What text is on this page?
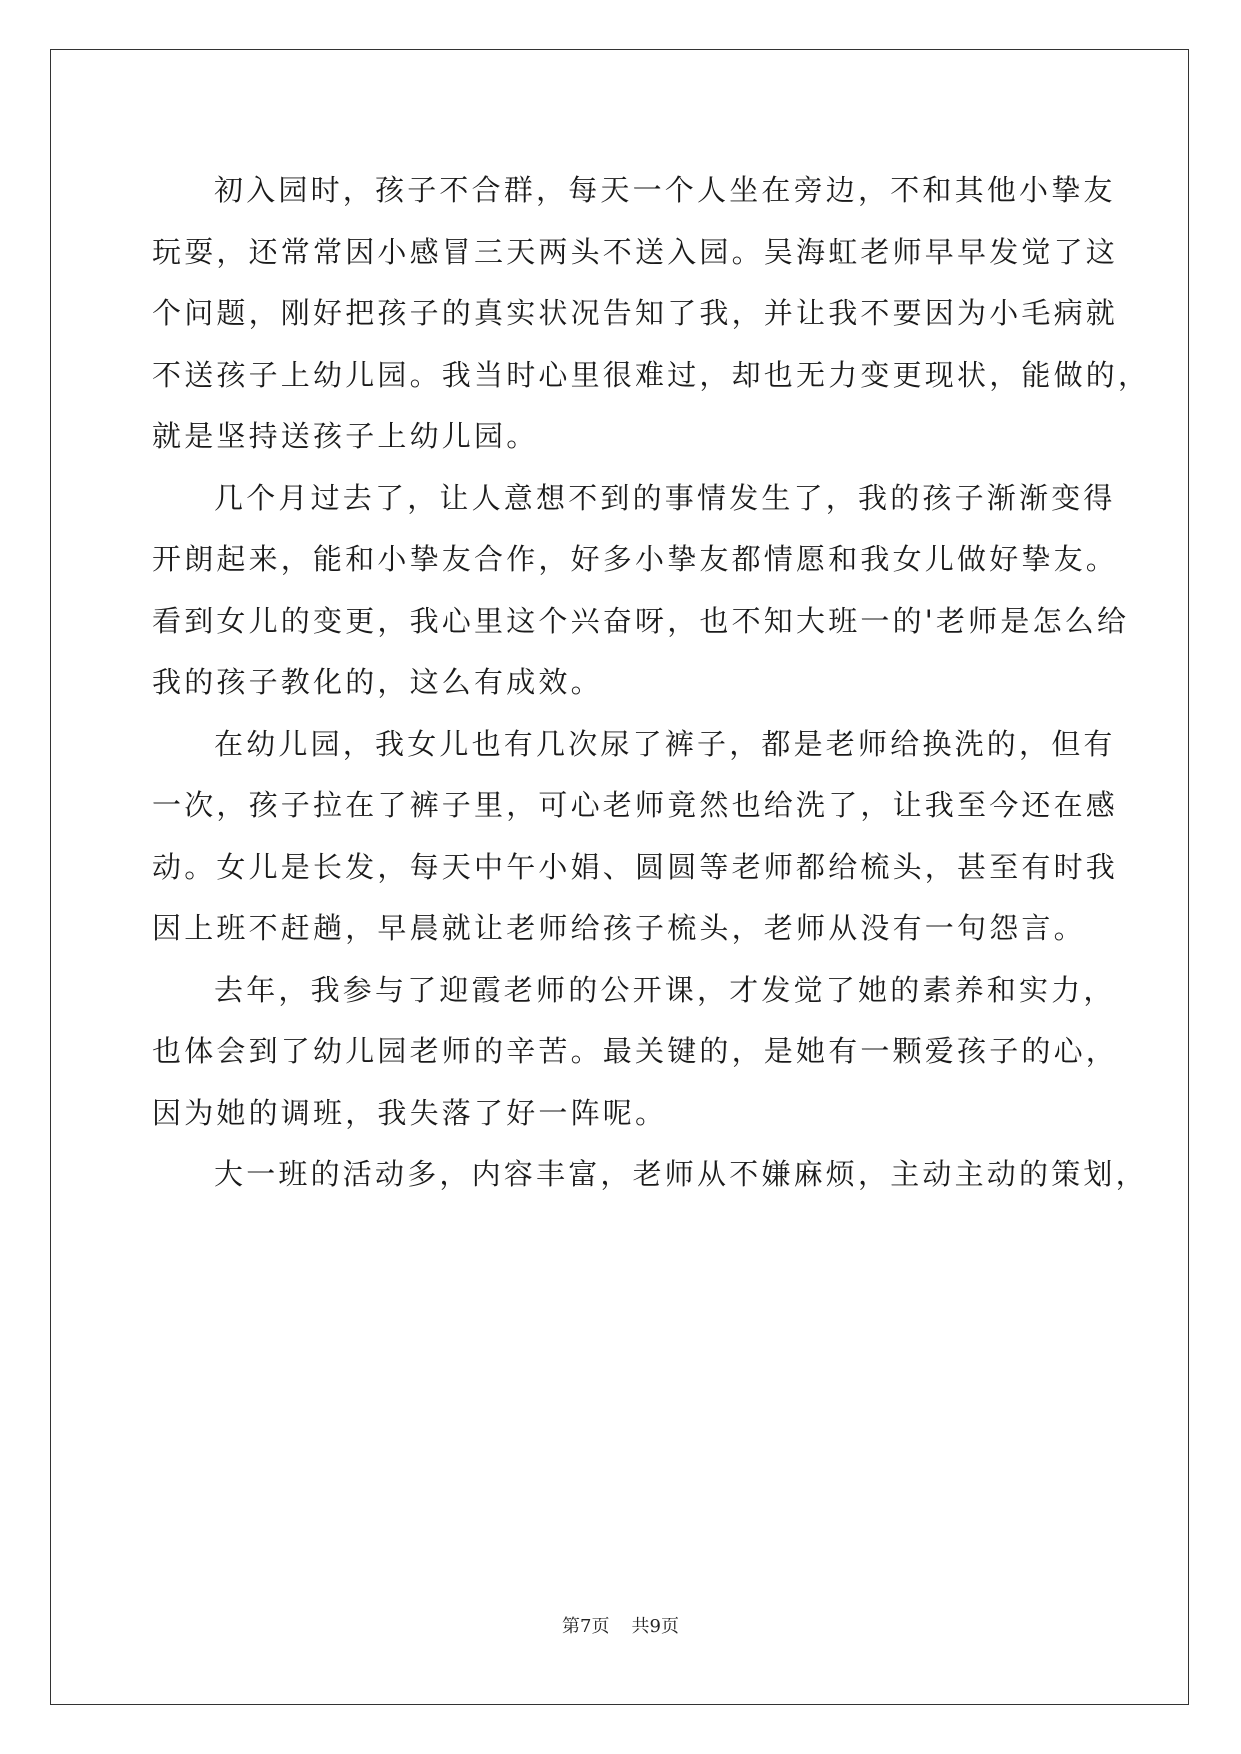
初入园时，孩子不合群，每天一个人坐在旁边，不和其他小挚友
玩耍，还常常因小感冒三天两头不送入园。吴海虹老师早早发觉了这
个问题，刚好把孩子的真实状况告知了我，并让我不要因为小毛病就
不送孩子上幼儿园。我当时心里很难过，却也无力变更现状，能做的，
就是坚持送孩子上幼儿园。
几个月过去了，让人意想不到的事情发生了，我的孩子渐渐变得
开朗起来，能和小挚友合作，好多小挚友都情愿和我女儿做好挚友。
看到女儿的变更，我心里这个兴奋呀，也不知大班一的'老师是怎么给
我的孩子教化的，这么有成效。
在幼儿园，我女儿也有几次尿了裤子，都是老师给换洗的，但有
一次，孩子拉在了裤子里，可心老师竟然也给洗了，让我至今还在感
动。女儿是长发，每天中午小娟、圆圆等老师都给梳头，甚至有时我
因上班不赶趟，早晨就让老师给孩子梳头，老师从没有一句怨言。
去年，我参与了迎霞老师的公开课，才发觉了她的素养和实力，
也体会到了幼儿园老师的辛苦。最关键的，是她有一颗爱孩子的心，
因为她的调班，我失落了好一阵呢。
大一班的活动多，内容丰富，老师从不嫌麻烦，主动主动的策划，
第7页 共9页
